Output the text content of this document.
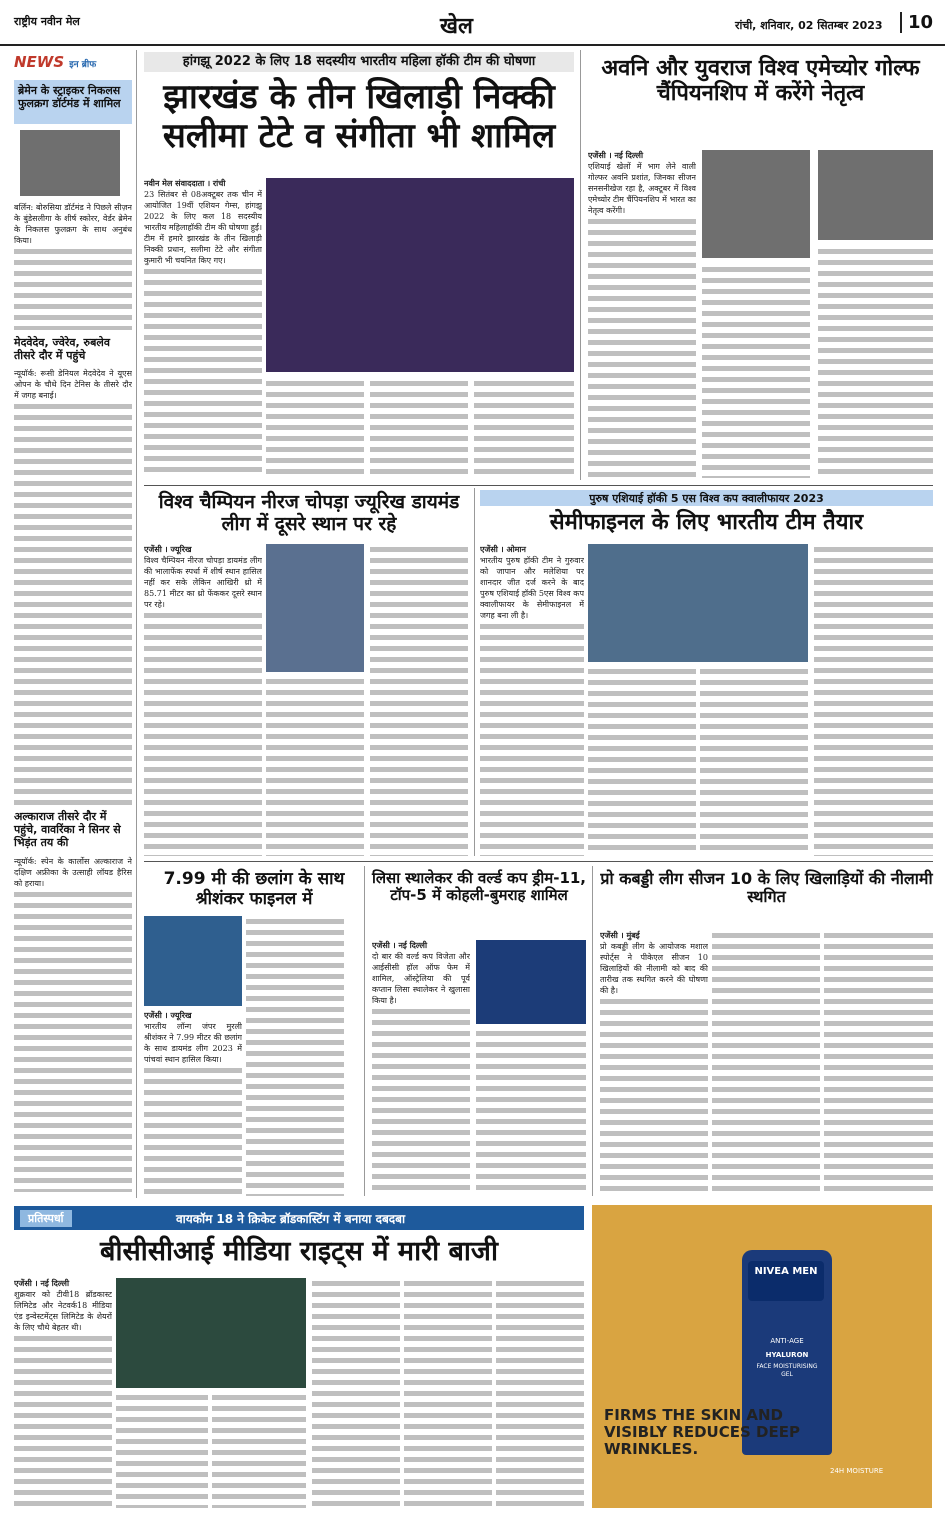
राष्ट्रीय नवीन मेल	खेल	रांची, शनिवार, 02 सितम्बर 2023	10
NEWS इन ब्रीफ
ब्रेमेन के स्ट्राइकर निकलस फुलक्रग डॉर्टमंड में शामिल
बर्लिन: बोरुसिया डॉर्टमंड ने पिछले सीज़न के बुंडेसलीगा के शीर्ष स्कोरर, वेर्डर ब्रेमेन के निकलस फुलक्रग के साथ अनुबंध किया।
मेदवेदेव, ज्वेरेव, रुबलेव तीसरे दौर में पहुंचे
न्यूयॉर्क: रूसी डेनियल मेदवेदेव ने यूएस ओपन के चौथे दिन टेनिस के तीसरे दौर में जगह बनाई।
अल्काराज तीसरे दौर में पहुंचे, वावरिंका ने सिनर से भिड़ंत तय की
न्यूयॉर्क: स्पेन के कार्लोस अल्काराज ने दक्षिण अफ्रीका के उत्साही लॉयड हैरिस को हराया।
हांगझू 2022 के लिए 18 सदस्यीय भारतीय महिला हॉकी टीम की घोषणा
झारखंड के तीन खिलाड़ी निक्की सलीमा टेटे व संगीता भी शामिल
नवीन मेल संवाददाता । रांची
23 सितंबर से 08अक्टूबर तक चीन में आयोजित 19वीं एशियन गेम्स, हांगझू 2022 के लिए कल 18 सदस्यीय भारतीय महिलाहॉकी टीम की घोषणा हुई। टीम में हमारे झारखंड के तीन खिलाड़ी निक्की प्रधान, सलीमा टेटे और संगीता कुमारी भी चयनित किए गए।
अवनि और युवराज विश्व एमेच्योर गोल्फ चैंपियनशिप में करेंगे नेतृत्व
एजेंसी । नई दिल्ली
एशियाई खेलों में भाग लेने वाली गोल्फर अवनि प्रशांत, जिनका सीजन सनसनीखेज रहा है, अक्टूबर में विश्व एमेच्योर टीम चैंपियनशिप में भारत का नेतृत्व करेंगी।
विश्व चैम्पियन नीरज चोपड़ा ज्यूरिख डायमंड लीग में दूसरे स्थान पर रहे
एजेंसी । ज्यूरिख
विश्व चैम्पियन नीरज चोपड़ा डायमंड लीग की भालाफेंक स्पर्धा में शीर्ष स्थान हासिल नहीं कर सके लेकिन आखिरी थ्रो में 85.71 मीटर का थ्रो फेंककर दूसरे स्थान पर रहे।
पुरुष एशियाई हॉकी 5 एस विश्व कप क्वालीफायर 2023
सेमीफाइनल के लिए भारतीय टीम तैयार
एजेंसी । ओमान
भारतीय पुरुष हॉकी टीम ने गुरुवार को जापान और मलेशिया पर शानदार जीत दर्ज करने के बाद पुरुष एशियाई हॉकी 5एस विश्व कप क्वालीफायर के सेमीफाइनल में जगह बना ली है।
7.99 मी की छलांग के साथ श्रीशंकर फाइनल में
एजेंसी । ज्यूरिख
भारतीय लॉन्ग जंपर मुरली श्रीशंकर ने 7.99 मीटर की छलांग के साथ डायमंड लीग 2023 में पांचवां स्थान हासिल किया।
लिसा स्थालेकर की वर्ल्ड कप ड्रीम-11, टॉप-5 में कोहली-बुमराह शामिल
एजेंसी । नई दिल्ली
दो बार की वर्ल्ड कप विजेता और आईसीसी हॉल ऑफ फेम में शामिल, ऑस्ट्रेलिया की पूर्व कप्तान लिसा स्थालेकर ने खुलासा किया है।
प्रो कबड्डी लीग सीजन 10 के लिए खिलाड़ियों की नीलामी स्थगित
एजेंसी । मुंबई
प्रो कबड्डी लीग के आयोजक मशाल स्पोर्ट्स ने पीकेएल सीजन 10 खिलाड़ियों की नीलामी को बाद की तारीख तक स्थगित करने की घोषणा की है।
प्रतिस्पर्धा	वायकॉम 18 ने क्रिकेट ब्रॉडकास्टिंग में बनाया दबदबा
बीसीसीआई मीडिया राइट्स में मारी बाजी
एजेंसी । नई दिल्ली
शुक्रवार को टीवी18 ब्रॉडकास्ट लिमिटेड और नेटवर्क18 मीडिया एंड इन्वेस्टमेंट्स लिमिटेड के शेयरों के लिए चौथे बेहतर थी।
NIVEA MEN
ANTI-AGE
HYALURON
FACE MOISTURISING GEL
FIRMS THE SKIN AND VISIBLY REDUCES DEEP WRINKLES.
24H MOISTURE
